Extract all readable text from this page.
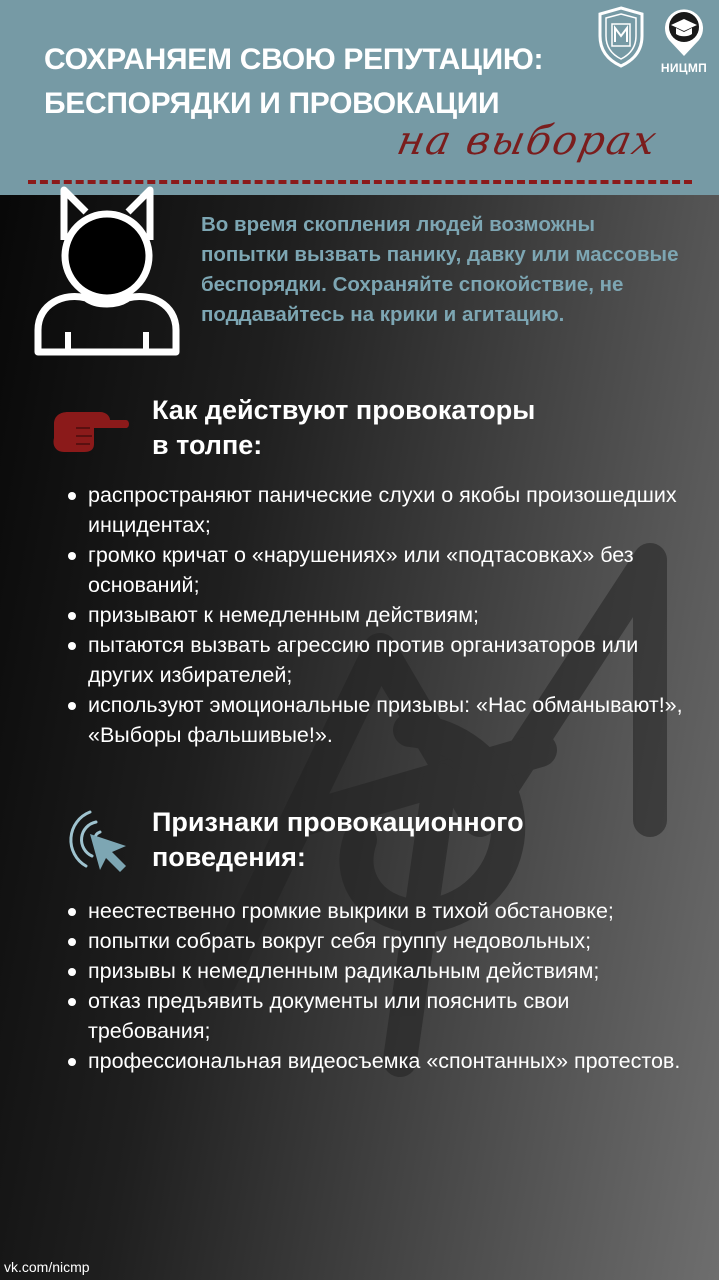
СОХРАНЯЕМ СВОЮ РЕПУТАЦИЮ:
БЕСПОРЯДКИ И ПРОВОКАЦИИ
на выборах
НИЦМП

Во время скопления людей возможны попытки вызвать панику, давку или массовые беспорядки. Сохраняйте спокойствие, не поддавайтесь на крики и агитацию.

Как действуют провокаторы
в толпе:
распространяют панические слухи о якобы произошедших инцидентах;
громко кричат о «нарушениях» или «подтасовках» без оснований;
призывают к немедленным действиям;
пытаются вызвать агрессию против организаторов или других избирателей;
используют эмоциональные призывы: «Нас обманывают!», «Выборы фальшивые!».
Признаки провокационного
поведения:
неестественно громкие выкрики в тихой обстановке;
попытки собрать вокруг себя группу недовольных;
призывы к немедленным радикальным действиям;
отказ предъявить документы или пояснить свои требования;
профессиональная видеосъемка «спонтанных» протестов.

vk.com/nicmp
